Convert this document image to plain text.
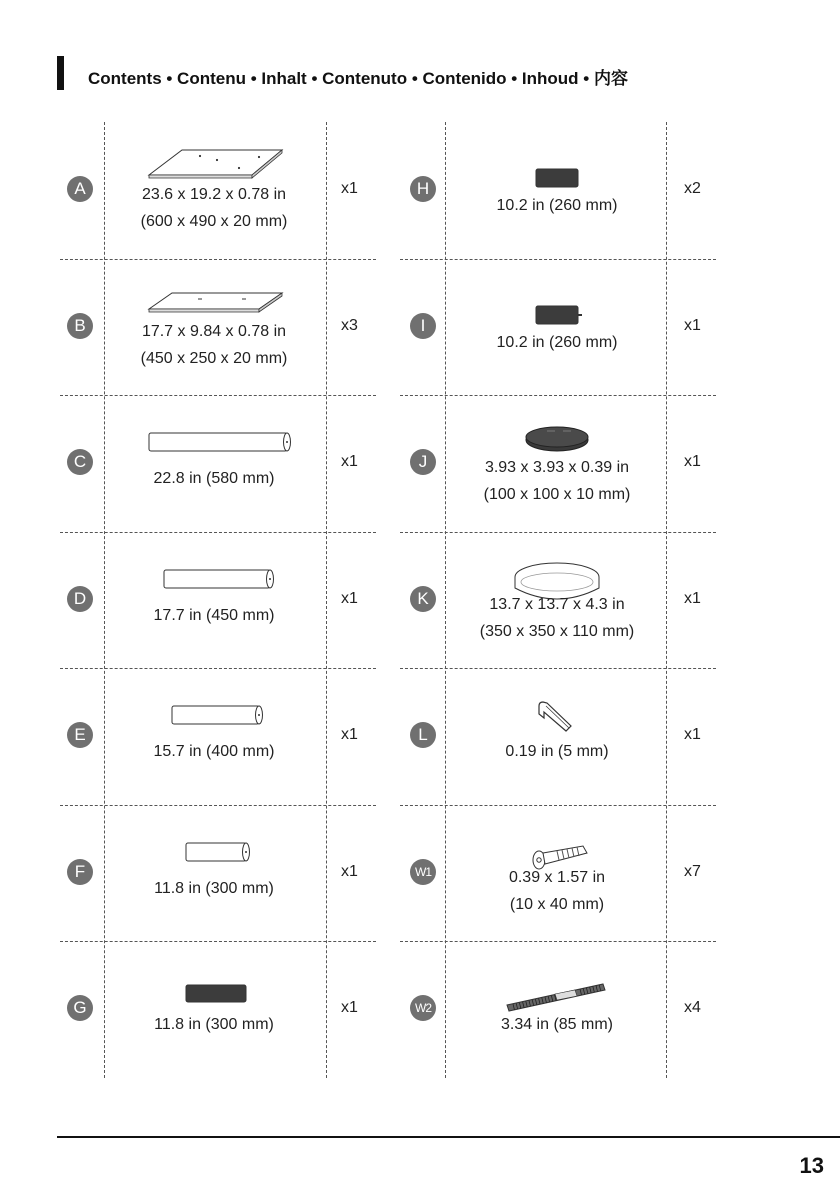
Contents • Contenu • Inhalt • Contenuto • Contenido • Inhoud • 内容
A	23.6 x 19.2 x 0.78 in
(600 x 490 x 20 mm)
x1
B	17.7 x 9.84 x 0.78 in
(450 x 250 x 20 mm)
x3
C
22.8 in (580 mm)
x1
D
17.7 in (450 mm)
x1
E
15.7 in (400 mm)
x1
F
11.8 in (300 mm)
x1
G
11.8 in (300 mm)
x1
H
10.2 in (260 mm)
x2
I
10.2 in (260 mm)
x1
J	3.93 x 3.93 x 0.39 in
(100 x 100 x 10 mm)
x1
K	13.7 x 13.7 x 4.3 in
(350 x 350 x 110 mm)
x1
L
0.19 in (5 mm)
x1
W1	0.39 x 1.57 in
(10 x 40 mm)
x7
W2
3.34 in (85 mm)
x4
13
